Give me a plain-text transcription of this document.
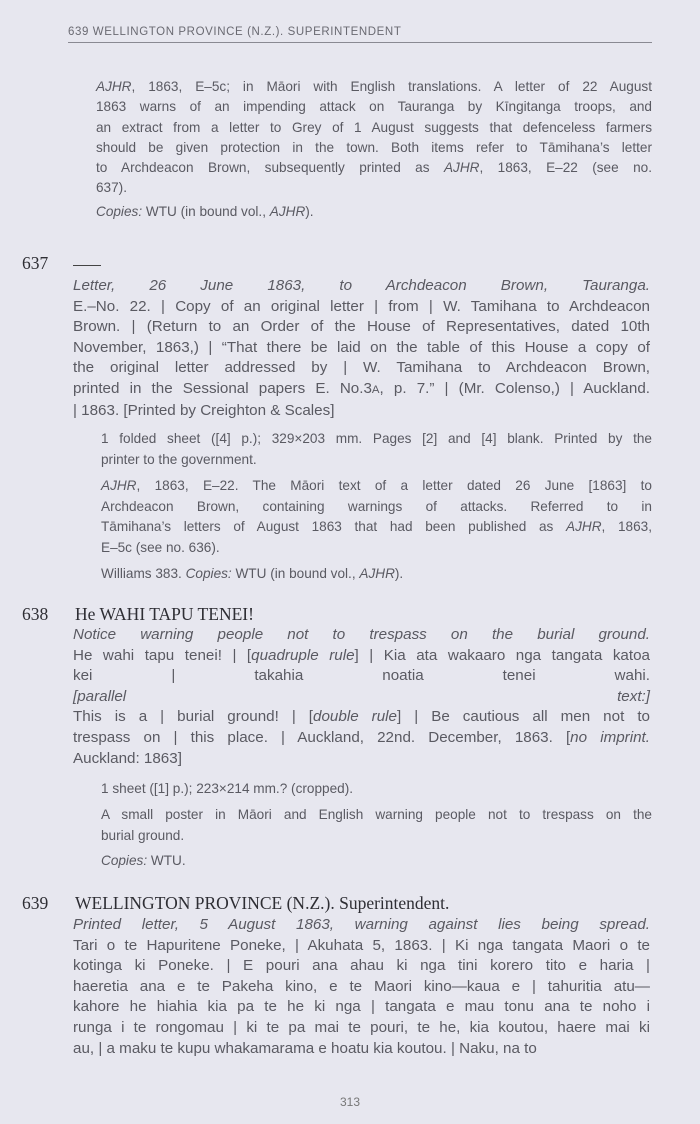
639 WELLINGTON PROVINCE (N.Z.). SUPERINTENDENT
AJHR, 1863, E–5c; in Māori with English translations. A letter of 22 August
1863 warns of an impending attack on Tauranga by Kīngitanga troops, and
an extract from a letter to Grey of 1 August suggests that defenceless farmers
should be given protection in the town. Both items refer to Tāmihana’s letter
to Archdeacon Brown, subsequently printed as AJHR, 1863, E–22 (see no.
637).
Copies: WTU (in bound vol., AJHR).
637
Letter, 26 June 1863, to Archdeacon Brown, Tauranga.
E.–No. 22. | Copy of an original letter | from | W. Tamihana to Archdeacon
Brown. | (Return to an Order of the House of Representatives, dated 10th
November, 1863,) | “That there be laid on the table of this House a copy of
the original letter addressed by | W. Tamihana to Archdeacon Brown,
printed in the Sessional papers E. No.3A, p. 7.” | (Mr. Colenso,) | Auckland.
| 1863. [Printed by Creighton & Scales]
1 folded sheet ([4] p.); 329×203 mm. Pages [2] and [4] blank. Printed by the
printer to the government.
AJHR, 1863, E–22. The Māori text of a letter dated 26 June [1863] to
Archdeacon Brown, containing warnings of attacks. Referred to in
Tāmihana’s letters of August 1863 that had been published as AJHR, 1863,
E–5c (see no. 636).
Williams 383. Copies: WTU (in bound vol., AJHR).
638 He WAHI TAPU TENEI!
Notice warning people not to trespass on the burial ground.
He wahi tapu tenei! | [quadruple rule] | Kia ata wakaaro nga tangata katoa
kei | takahia noatia tenei wahi.
[parallel text:]
This is a | burial ground! | [double rule] | Be cautious all men not to
trespass on | this place. | Auckland, 22nd. December, 1863. [no imprint.
Auckland: 1863]
1 sheet ([1] p.); 223×214 mm.? (cropped).
A small poster in Māori and English warning people not to trespass on the
burial ground.
Copies: WTU.
639 WELLINGTON PROVINCE (N.Z.). Superintendent.
Printed letter, 5 August 1863, warning against lies being spread.
Tari o te Hapuritene Poneke, | Akuhata 5, 1863. | Ki nga tangata Maori o te
kotinga ki Poneke. | E pouri ana ahau ki nga tini korero tito e haria |
haeretia ana e te Pakeha kino, e te Maori kino—kaua e | tahuritia atu—
kahore he hiahia kia pa te he ki nga | tangata e mau tonu ana te noho i
runga i te rongomau | ki te pa mai te pouri, te he, kia koutou, haere mai ki
au, | a maku te kupu whakamarama e hoatu kia koutou. | Naku, na to
313
